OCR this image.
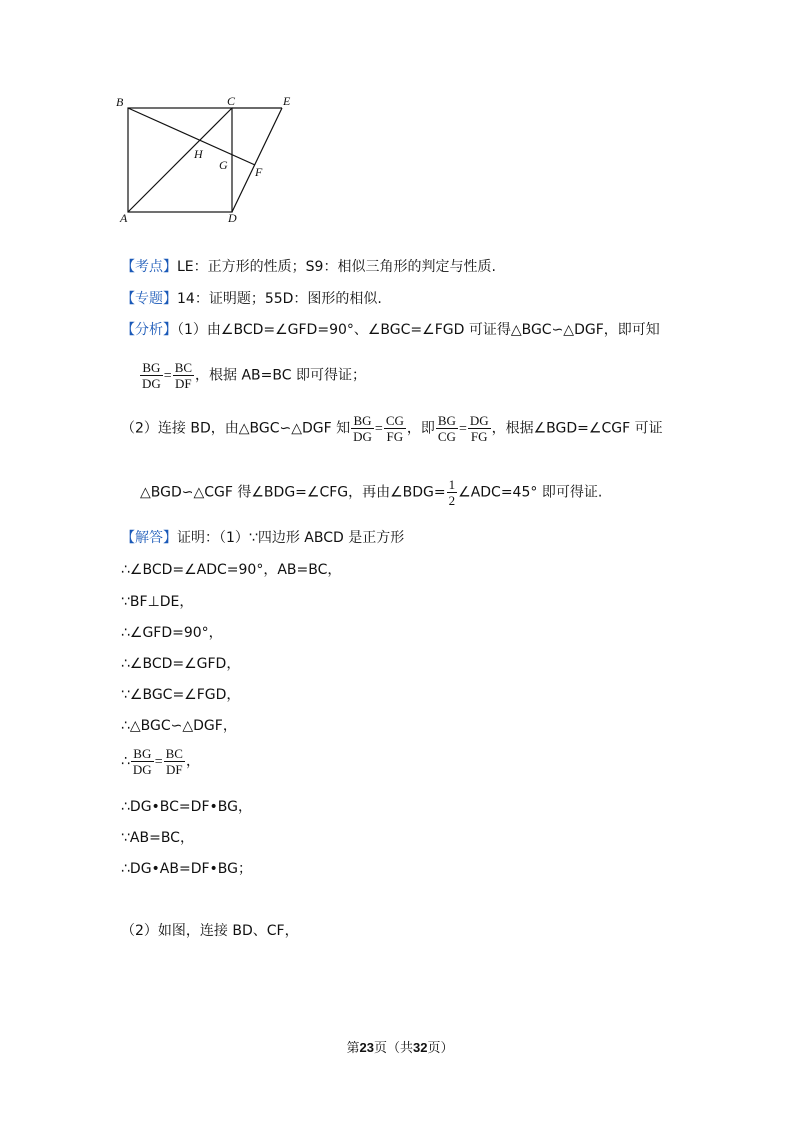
B	C	E
H
G F
A	D
【考点】LE：正方形的性质；S9：相似三角形的判定与性质.
【专题】14：证明题；55D：图形的相似.
【分析】（1）由∠BCD=∠GFD=90°、∠BGC=∠FGD 可证得△BGC∽△DGF，即可知
$\frac{BG}{DG} = \frac{BC}{DF}$ ，根据 AB=BC 即可得证；
（2）连接 BD，由△BGC∽△DGF 知 $\frac{BG}{DG} = \frac{CG}{FG}$ ，即 $\frac{BG}{CG} = \frac{DG}{FG}$ ，根据∠BGD=∠CGF 可证
△BGD∽△CGF 得∠BDG=∠CFG，再由∠BDG= $\frac{1}{2}$ ∠ADC=45° 即可得证.
【解答】证明：（1）∵四边形 ABCD 是正方形
∴∠BCD=∠ADC=90°，AB=BC，
∵BF⊥DE，
∴∠GFD=90°，
∴∠BCD=∠GFD，
∵∠BGC=∠FGD，
∴△BGC∽△DGF，
∴ $\frac{BG}{DG} = \frac{BC}{DF}$ ，
∴DG•BC=DF•BG，
∵AB=BC，
∴DG•AB=DF•BG；
（2）如图，连接 BD、CF，
第23页（共32页）
